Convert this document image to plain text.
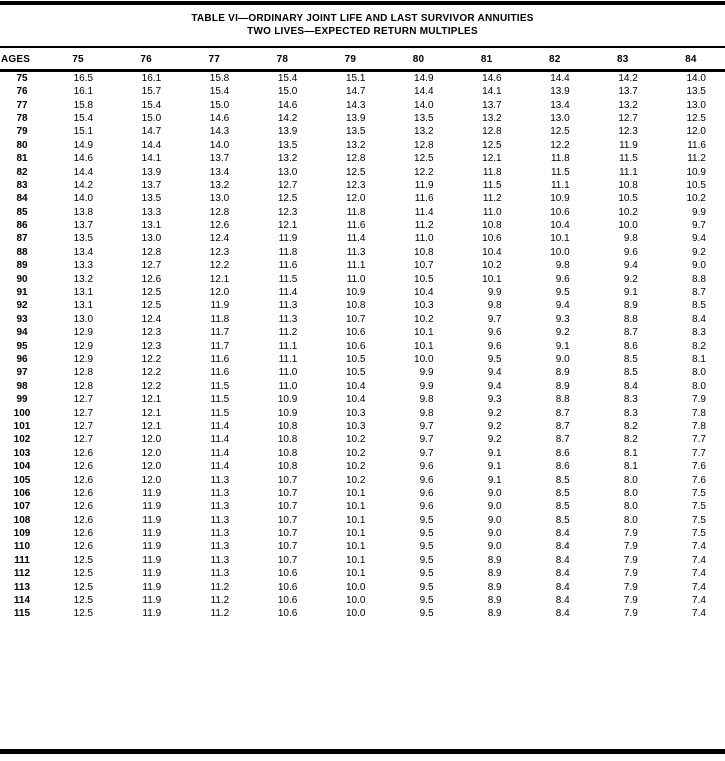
TABLE VI—ORDINARY JOINT LIFE AND LAST SURVIVOR ANNUITIES
TWO LIVES—EXPECTED RETURN MULTIPLES
AGES	75	76	77	78	79	80	81	82	83	84
75	16.5	16.1	15.8	15.4	15.1	14.9	14.6	14.4	14.2	14.0
76	16.1	15.7	15.4	15.0	14.7	14.4	14.1	13.9	13.7	13.5
77	15.8	15.4	15.0	14.6	14.3	14.0	13.7	13.4	13.2	13.0
78	15.4	15.0	14.6	14.2	13.9	13.5	13.2	13.0	12.7	12.5
79	15.1	14.7	14.3	13.9	13.5	13.2	12.8	12.5	12.3	12.0
80	14.9	14.4	14.0	13.5	13.2	12.8	12.5	12.2	11.9	11.6
81	14.6	14.1	13.7	13.2	12.8	12.5	12.1	11.8	11.5	11.2
82	14.4	13.9	13.4	13.0	12.5	12.2	11.8	11.5	11.1	10.9
83	14.2	13.7	13.2	12.7	12.3	11.9	11.5	11.1	10.8	10.5
84	14.0	13.5	13.0	12.5	12.0	11.6	11.2	10.9	10.5	10.2
85	13.8	13.3	12.8	12.3	11.8	11.4	11.0	10.6	10.2	9.9
86	13.7	13.1	12.6	12.1	11.6	11.2	10.8	10.4	10.0	9.7
87	13.5	13.0	12.4	11.9	11.4	11.0	10.6	10.1	9.8	9.4
88	13.4	12.8	12.3	11.8	11.3	10.8	10.4	10.0	9.6	9.2
89	13.3	12.7	12.2	11.6	11.1	10.7	10.2	9.8	9.4	9.0
90	13.2	12.6	12.1	11.5	11.0	10.5	10.1	9.6	9.2	8.8
91	13.1	12.5	12.0	11.4	10.9	10.4	9.9	9.5	9.1	8.7
92	13.1	12.5	11.9	11.3	10.8	10.3	9.8	9.4	8.9	8.5
93	13.0	12.4	11.8	11.3	10.7	10.2	9.7	9.3	8.8	8.4
94	12.9	12.3	11.7	11.2	10.6	10.1	9.6	9.2	8.7	8.3
95	12.9	12.3	11.7	11.1	10.6	10.1	9.6	9.1	8.6	8.2
96	12.9	12.2	11.6	11.1	10.5	10.0	9.5	9.0	8.5	8.1
97	12.8	12.2	11.6	11.0	10.5	9.9	9.4	8.9	8.5	8.0
98	12.8	12.2	11.5	11.0	10.4	9.9	9.4	8.9	8.4	8.0
99	12.7	12.1	11.5	10.9	10.4	9.8	9.3	8.8	8.3	7.9
100	12.7	12.1	11.5	10.9	10.3	9.8	9.2	8.7	8.3	7.8
101	12.7	12.1	11.4	10.8	10.3	9.7	9.2	8.7	8.2	7.8
102	12.7	12.0	11.4	10.8	10.2	9.7	9.2	8.7	8.2	7.7
103	12.6	12.0	11.4	10.8	10.2	9.7	9.1	8.6	8.1	7.7
104	12.6	12.0	11.4	10.8	10.2	9.6	9.1	8.6	8.1	7.6
105	12.6	12.0	11.3	10.7	10.2	9.6	9.1	8.5	8.0	7.6
106	12.6	11.9	11.3	10.7	10.1	9.6	9.0	8.5	8.0	7.5
107	12.6	11.9	11.3	10.7	10.1	9.6	9.0	8.5	8.0	7.5
108	12.6	11.9	11.3	10.7	10.1	9.5	9.0	8.5	8.0	7.5
109	12.6	11.9	11.3	10.7	10.1	9.5	9.0	8.4	7.9	7.5
110	12.6	11.9	11.3	10.7	10.1	9.5	9.0	8.4	7.9	7.4
111	12.5	11.9	11.3	10.7	10.1	9.5	8.9	8.4	7.9	7.4
112	12.5	11.9	11.3	10.6	10.1	9.5	8.9	8.4	7.9	7.4
113	12.5	11.9	11.2	10.6	10.0	9.5	8.9	8.4	7.9	7.4
114	12.5	11.9	11.2	10.6	10.0	9.5	8.9	8.4	7.9	7.4
115	12.5	11.9	11.2	10.6	10.0	9.5	8.9	8.4	7.9	7.4
